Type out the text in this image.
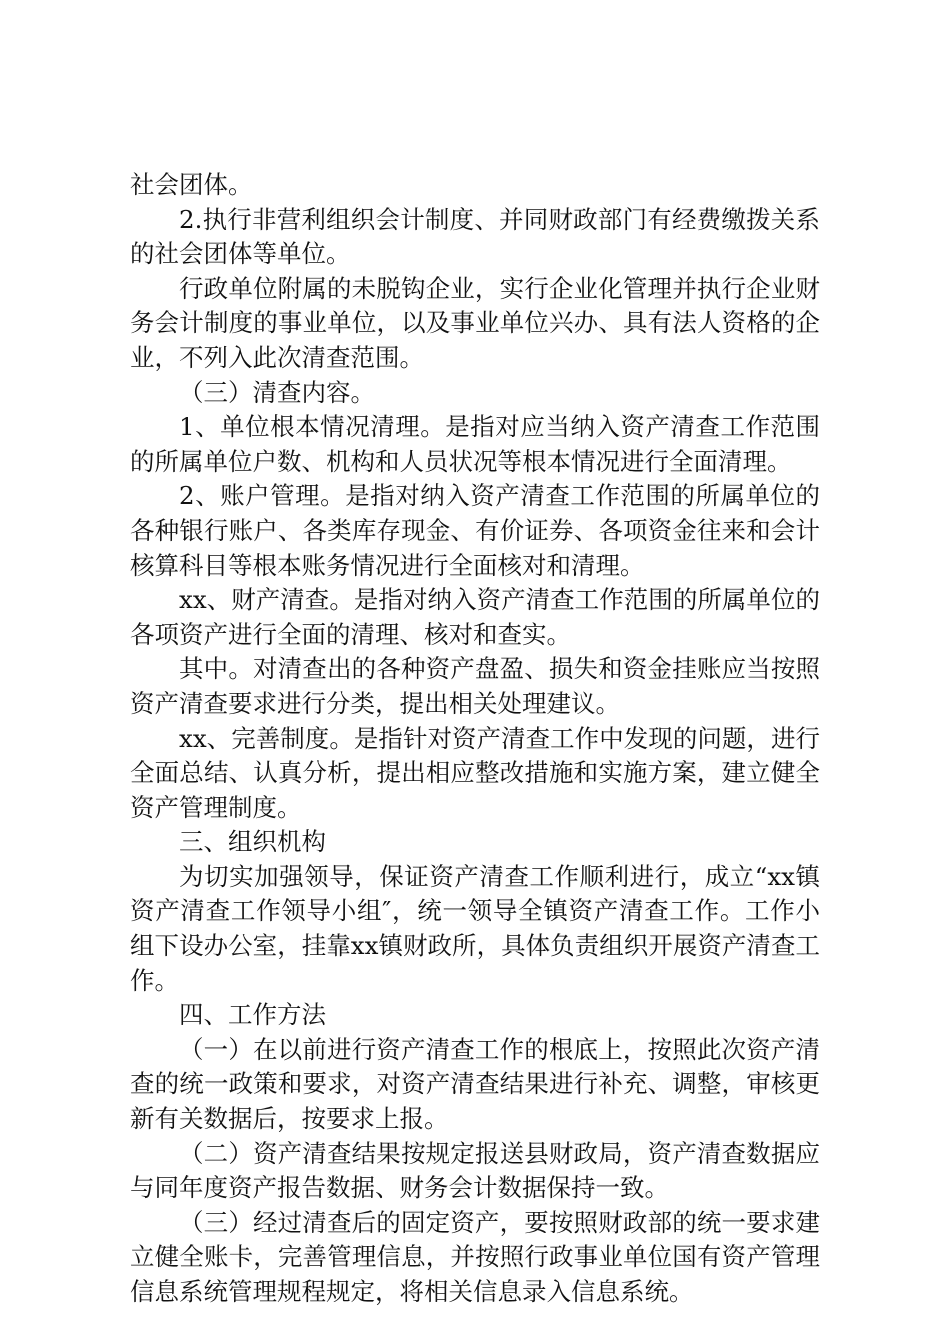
社会团体。

2.执行非营利组织会计制度、并同财政部门有经费缴拨关系的社会团体等单位。

行政单位附属的未脱钩企业，实行企业化管理并执行企业财务会计制度的事业单位，以及事业单位兴办、具有法人资格的企业，不列入此次清查范围。

（三）清查内容。

1、单位根本情况清理。是指对应当纳入资产清查工作范围的所属单位户数、机构和人员状况等根本情况进行全面清理。

2、账户管理。是指对纳入资产清查工作范围的所属单位的各种银行账户、各类库存现金、有价证券、各项资金往来和会计核算科目等根本账务情况进行全面核对和清理。

xx、财产清查。是指对纳入资产清查工作范围的所属单位的各项资产进行全面的清理、核对和查实。

其中。对清查出的各种资产盘盈、损失和资金挂账应当按照资产清查要求进行分类，提出相关处理建议。

xx、完善制度。是指针对资产清查工作中发现的问题，进行全面总结、认真分析，提出相应整改措施和实施方案，建立健全资产管理制度。

三、组织机构

为切实加强领导，保证资产清查工作顺利进行，成立“xx镇资产清查工作领导小组″，统一领导全镇资产清查工作。工作小组下设办公室，挂靠xx镇财政所，具体负责组织开展资产清查工作。

四、工作方法

（一）在以前进行资产清查工作的根底上，按照此次资产清查的统一政策和要求，对资产清查结果进行补充、调整，审核更新有关数据后，按要求上报。

（二）资产清查结果按规定报送县财政局，资产清查数据应与同年度资产报告数据、财务会计数据保持一致。

（三）经过清查后的固定资产，要按照财政部的统一要求建立健全账卡，完善管理信息，并按照行政事业单位国有资产管理信息系统管理规程规定，将相关信息录入信息系统。
